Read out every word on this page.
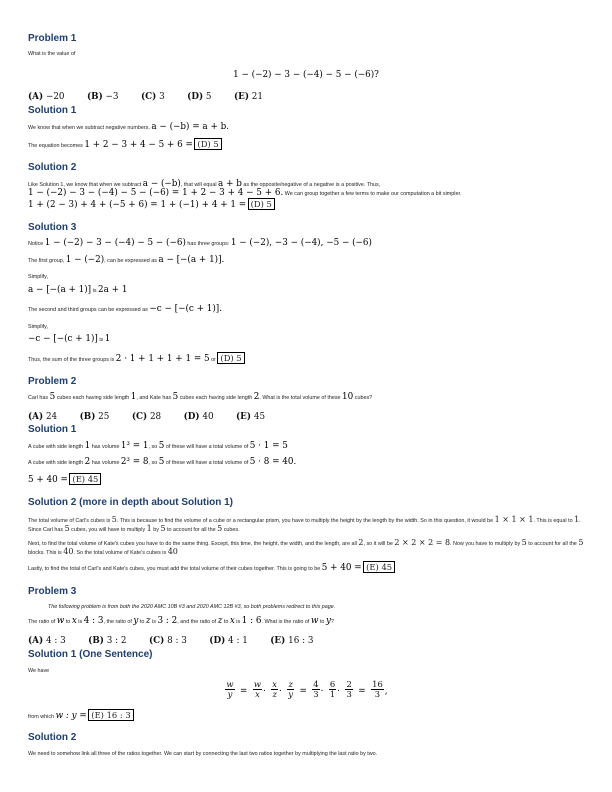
Problem 1
What is the value of
1 − (−2) − 3 − (−4) − 5 − (−6)?
(A) −20	(B) −3	(C) 3	(D) 5	(E) 21
Solution 1
We know that when we subtract negative numbers, a − (−b) = a + b.
The equation becomes 1 + 2 − 3 + 4 − 5 + 6 = (D) 5
Solution 2
Like Solution 1, we know that when we subtract a − (−b), that will equal a + b as the opposite/negative of a negative is a positive. Thus,
1 − (−2) − 3 − (−4) − 5 − (−6) = 1 + 2 − 3 + 4 − 5 + 6. We can group together a few terms to make our computation a bit simpler.
1 + (2 − 3) + 4 + (−5 + 6) = 1 + (−1) + 4 + 1 = (D) 5
Solution 3
Notice 1 − (−2) − 3 − (−4) − 5 − (−6) has three groups: 1 − (−2), −3 − (−4), −5 − (−6)
The first group, 1 − (−2), can be expressed as a − [−(a + 1)].
Simplify,
a − [−(a + 1)] is 2a + 1
The second and third groups can be expressed as −c − [−(c + 1)].
Simplify,
−c − [−(c + 1)] is 1
Thus, the sum of the three groups is 2 · 1 + 1 + 1 + 1 = 5 or (D) 5
Problem 2
Carl has 5 cubes each having side length 1, and Kate has 5 cubes each having side length 2. What is the total volume of these 10 cubes?
(A) 24	(B) 25	(C) 28	(D) 40	(E) 45
Solution 1
A cube with side length 1 has volume 1³ = 1, so 5 of these will have a total volume of 5 · 1 = 5
A cube with side length 2 has volume 2³ = 8, so 5 of these will have a total volume of 5 · 8 = 40.
5 + 40 = (E) 45
Solution 2 (more in depth about Solution 1)
The total volume of Carl's cubes is 5. This is because to find the volume of a cube or a rectangular prism, you have to multiply the height by the length by the width. So in this question, it would be 1 × 1 × 1. This is equal to 1. Since Carl has 5 cubes, you will have to multiply 1 by 5 to account for all the 5 cubes.
Next, to find the total volume of Kate's cubes you have to do the same thing. Except, this time, the height, the width, and the length, are all 2, so it will be 2 × 2 × 2 = 8. Now you have to multiply by 5 to account for all the 5 blocks. This is 40. So the total volume of Kate's cubes is 40
Lastly, to find the total of Carl's and Kate's cubes, you must add the total volume of their cubes together. This is going to be 5 + 40 = (E) 45
Problem 3
The following problem is from both the 2020 AMC 10B #3 and 2020 AMC 12B #3, so both problems redirect to this page.
The ratio of w to x is 4 : 3, the ratio of y to z is 3 : 2, and the ratio of z to x is 1 : 6. What is the ratio of w to y?
(A) 4 : 3	(B) 3 : 2	(C) 8 : 3	(D) 4 : 1	(E) 16 : 3
Solution 1 (One Sentence)
We have
$\frac{w}{y} = \frac{w}{x} \cdot \frac{x}{z} \cdot \frac{z}{y} = \frac{4}{3} \cdot \frac{6}{1} \cdot \frac{2}{3} = \frac{16}{3}$ ,
from which w : y = (E) 16 : 3
Solution 2
We need to somehow link all three of the ratios together. We can start by connecting the last two ratios together by multiplying the last ratio by two.
